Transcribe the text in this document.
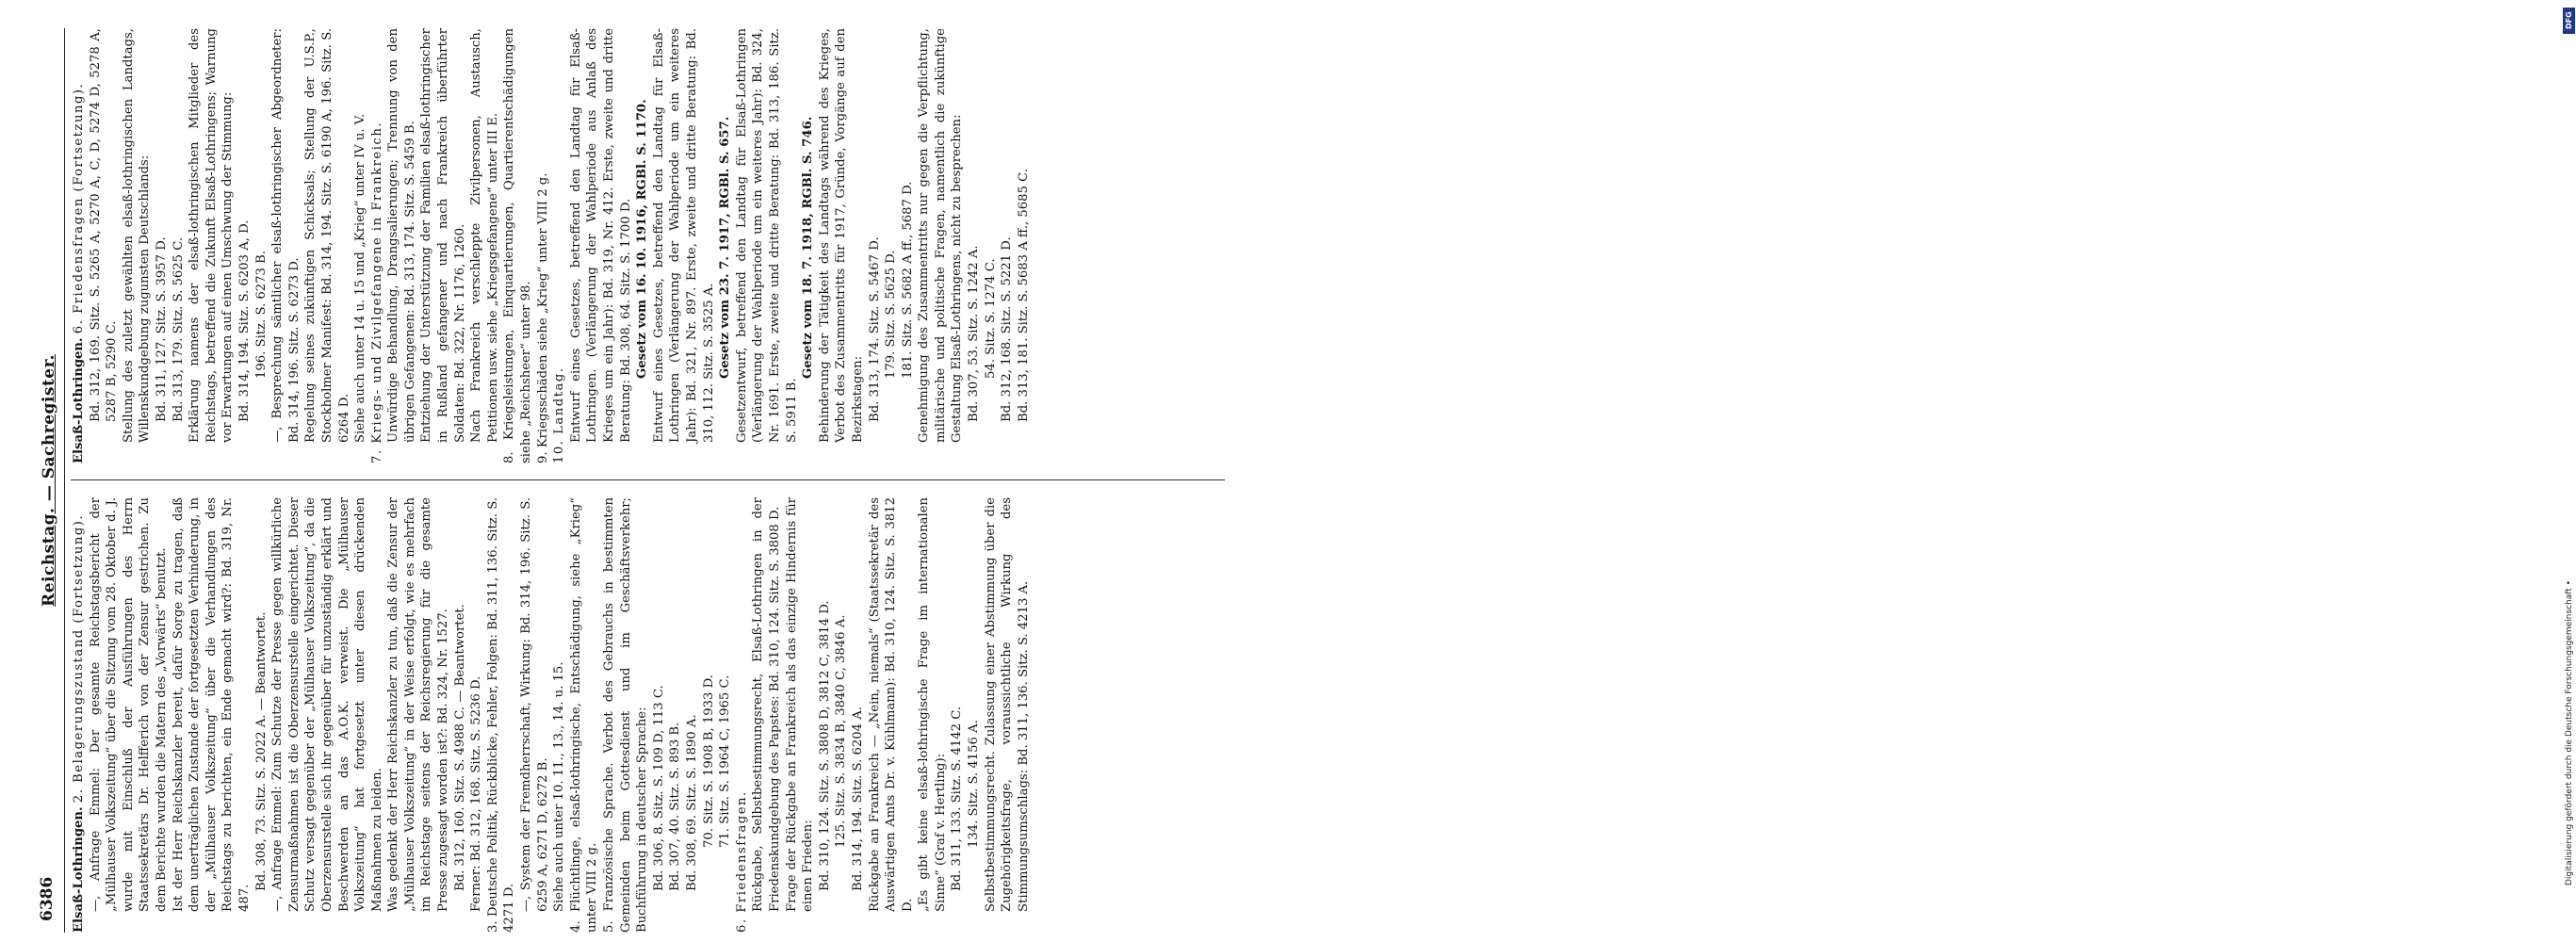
6386
Reichstag. — Sachregister.

Elsaß-Lothringen. 2. Belagerungszustand (Fortsetzung). —, Anfrage Emmel: Der gesamte Reichstagsbericht der „Mülhauser Volkszeitung“ über die Sitzung vom 28. Oktober d. J. wurde mit Einschluß der Ausführungen des Herrn Staatssekretärs Dr. Helfferich von der Zensur gestrichen. Zu dem Berichte wurden die Matern des „Vorwärts“ benutzt. Ist der Herr Reichskanzler bereit, dafür Sorge zu tragen, daß dem unerträglichen Zustande der fortgesetzten Verhinderung, in der „Mülhauser Volkszeitung“ über die Verhandlungen des Reichstags zu berichten, ein Ende gemacht wird?: Bd. 319, Nr. 487.

Bd. 308, 73. Sitz. S. 2022 A. — Beantwortet. —, Anfrage Emmel: Zum Schutze der Presse gegen willkürliche Zensurmaßnahmen ist die Oberzensurstelle eingerichtet. Dieser Schutz versagt gegenüber der „Mülhauser Volkszeitung“, da die Oberzensurstelle sich ihr gegenüber für unzuständig erklärt und Beschwerden an das A.O.K. verweist. Die „Mülhauser Volkszeitung“ hat fortgesetzt unter diesen drückenden Maßnahmen zu leiden. Was gedenkt der Herr Reichskanzler zu tun, daß die Zensur der „Mülhauser Volkszeitung“ in der Weise erfolgt, wie es mehrfach im Reichstage seitens der Reichsregierung für die gesamte Presse zugesagt worden ist?: Bd. 324, Nr. 1527. Bd. 312, 160. Sitz. S. 4988 C. — Beantwortet. Ferner: Bd. 312, 168. Sitz. S. 5236 D. 3. Deutsche Politik, Rückblicke, Fehler, Folgen: Bd. 311, 136. Sitz. S. 4271 D. —, System der Fremdherrschaft, Wirkung: Bd. 314, 196. Sitz. S. 6259 A, 6271 D, 6272 B. Siehe auch unter 10. 11., 13., 14. u. 15. 4. Flüchtlinge, elsaß-lothringische, Entschädigung, siehe „Krieg“ unter VIII 2 g. 5. Französische Sprache. Verbot des Gebrauchs in bestimmten Gemeinden beim Gottesdienst und im Geschäftsverkehr; Buchführung in deutscher Sprache: Bd. 306, 8. Sitz. S. 109 D, 113 C. Bd. 307, 40. Sitz. S. 893 B. Bd. 308, 69. Sitz. S. 1890 A. 70. Sitz. S. 1908 B, 1933 D. 71. Sitz. S. 1964 C, 1965 C.

6. Friedensfragen. Rückgabe, Selbstbestimmungsrecht, Elsaß-Lothringen in der Friedenskundgebung des Papstes: Bd. 310, 124. Sitz. S. 3808 D. Frage der Rückgabe an Frankreich als das einzige Hindernis für einen Frieden: Bd. 310, 124. Sitz. S. 3808 D, 3812 C, 3814 D. 125. Sitz. S. 3834 B, 3840 C, 3846 A. Bd. 314, 194. Sitz. S. 6204 A. Rückgabe an Frankreich — „Nein, niemals“ (Staatssekretär des Auswärtigen Amts Dr. v. Kühlmann): Bd. 310, 124. Sitz. S. 3812 D. „Es gibt keine elsaß-lothringische Frage im internationalen Sinne“ (Graf v. Hertling): Bd. 311, 133. Sitz. S. 4142 C. 134. Sitz. S. 4156 A. Selbstbestimmungsrecht. Zulassung einer Abstimmung über die Zugehörigkeitsfrage, voraussichtliche Wirkung des Stimmungsumschlags: Bd. 311, 136. Sitz. S. 4213 A.

Elsaß-Lothringen. 6. Friedensfragen (Fortsetzung). Bd. 312, 169. Sitz. S. 5265 A, 5270 A, C, D, 5274 D, 5278 A, 5287 B, 5290 C. Stellung des zuletzt gewählten elsaß-lothringischen Landtags, Willenskundgebung zugunsten Deutschlands: Bd. 311, 127. Sitz. S. 3957 D. Bd. 313, 179. Sitz. S. 5625 C. Erklärung namens der elsaß-lothringischen Mitglieder des Reichstags, betreffend die Zukunft Elsaß-Lothringens; Warnung vor Erwartungen auf einen Umschwung der Stimmung: Bd. 314, 194. Sitz. S. 6203 A, D. 196. Sitz. S. 6273 B. —, Besprechung sämtlicher elsaß-lothringischer Abgeordneter: Bd. 314, 196. Sitz. S. 6273 D. Regelung seines zukünftigen Schicksals; Stellung der U.S.P., Stockholmer Manifest: Bd. 314, 194. Sitz. S. 6190 A, 196. Sitz. S. 6264 D. Siehe auch unter 14 u. 15 und „Krieg“ unter IV u. V. 7. Kriegs- und Zivilgefangene in Frankreich. Unwürdige Behandlung, Drangsalierungen; Trennung von den übrigen Gefangenen: Bd. 313, 174. Sitz. S. 5459 B. Entziehung der Unterstützung der Familien elsaß-lothringischer in Rußland gefangener und nach Frankreich überführter Soldaten: Bd. 322, Nr. 1176, 1260. Nach Frankreich verschleppte Zivilpersonen, Austausch, Petitionen usw. siehe „Kriegsgefangene“ unter III E. 8. Kriegsleistungen, Einquartierungen, Quartierentschädigungen siehe „Reichsheer“ unter 98. 9. Kriegsschäden siehe „Krieg“ unter VIII 2 g. 10. Landtag. Entwurf eines Gesetzes, betreffend den Landtag für Elsaß-Lothringen. (Verlängerung der Wahlperiode aus Anlaß des Krieges um ein Jahr): Bd. 319, Nr. 412. Erste, zweite und dritte Beratung: Bd. 308, 64. Sitz. S. 1700 D. Gesetz vom 16. 10. 1916, RGBl. S. 1170. Entwurf eines Gesetzes, betreffend den Landtag für Elsaß-Lothringen (Verlängerung der Wahlperiode um ein weiteres Jahr): Bd. 321, Nr. 897. Erste, zweite und dritte Beratung: Bd. 310, 112. Sitz. S. 3525 A. Gesetz vom 23. 7. 1917, RGBl. S. 657. Gesetzentwurf, betreffend den Landtag für Elsaß-Lothringen (Verlängerung der Wahlperiode um ein weiteres Jahr): Bd. 324, Nr. 1691. Erste, zweite und dritte Beratung: Bd. 313, 186. Sitz. S. 5911 B.

Gesetz vom 18. 7. 1918, RGBl. S. 746. Behinderung der Tätigkeit des Landtags während des Krieges, Verbot des Zusammentritts für 1917, Gründe, Vorgänge auf den Bezirkstagen: Bd. 313, 174. Sitz. S. 5467 D. 179. Sitz. S. 5625 D. 181. Sitz. S. 5682 A ff., 5687 D. Genehmigung des Zusammentritts nur gegen die Verpflichtung, militärische und politische Fragen, namentlich die zukünftige Gestaltung Elsaß-Lothringens, nicht zu besprechen: Bd. 307, 53. Sitz. S. 1242 A. 54. Sitz. S. 1274 C. Bd. 312, 168. Sitz. S. 5221 D. Bd. 313, 181. Sitz. S. 5683 A ff., 5685 C.

DFG
Digitalisierung gefördert durch die Deutsche Forschungsgemeinschaft •
